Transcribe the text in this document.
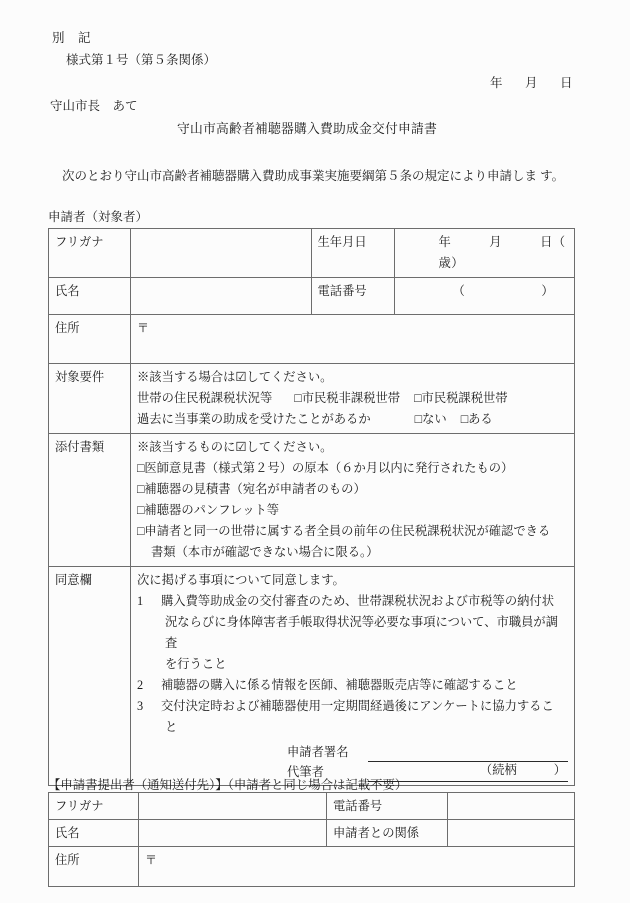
別　記
様式第１号（第５条関係）
年　月　日
守山市長　あて
守山市高齢者補聴器購入費助成金交付申請書
次のとおり守山市高齢者補聴器購入費助成事業実施要綱第５条の規定により申請しま す。
申請者（対象者）
フリガナ		生年月日	年　　　月　　　日（　　歳）

氏名		電話番号	（　　　　　　）

住所	〒		
対象要件	※該当する場合は☑してください。
世帯の住民税課税状況等 □市民税非課税世帯 □市民税課税世帯
過去に当事業の助成を受けたことがあるか □ない □ある		

添付書類	※該当するものに☑してください。
□医師意見書（様式第２号）の原本（６か月以内に発行されたもの）
□補聴器の見積書（宛名が申請者のもの）
□補聴器のパンフレット等
□申請者と同一の世帯に属する者全員の前年の住民税課税状況が確認できる
書類（本市が確認できない場合に限る。）

同意欄	次に掲げる事項について同意します。
1 購入費等助成金の交付審査のため、世帯課税状況および市税等の納付状
況ならびに身体障害者手帳取得状況等必要な事項について、市職員が調査
を行うこと
2 補聴器の購入に係る情報を医師、補聴器販売店等に確認すること
3 交付決定時および補聴器使用一定期間経過後にアンケートに協力するこ
と
申請者署名
代筆者	（続柄　　　）
【申請書提出者（通知送付先）】（申請者と同じ場合は記載不要）
フリガナ		電話番号	
氏名		申請者との関係	
住所	〒		
